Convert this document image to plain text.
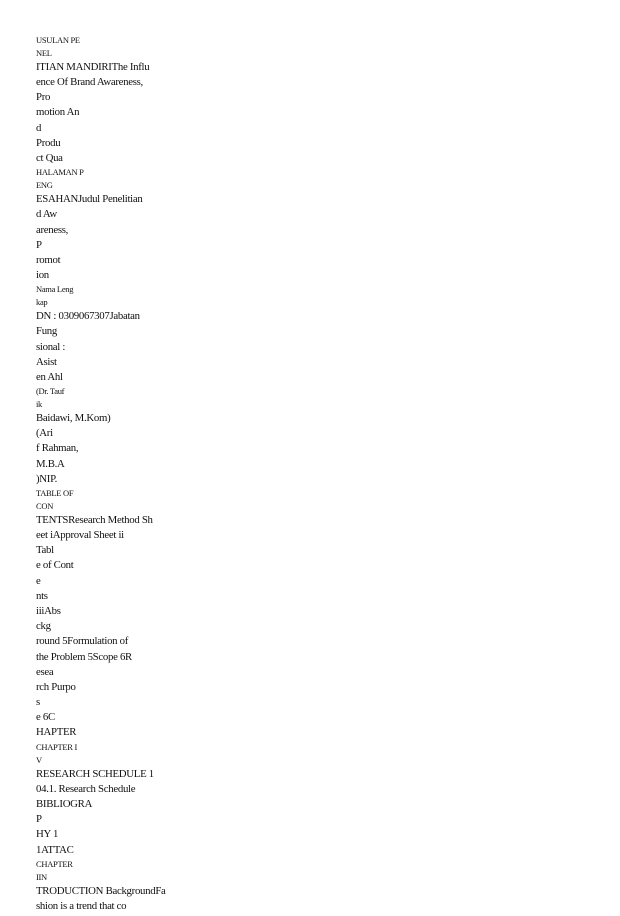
USULAN PE
NEL
ITIAN MANDIRIThe Influ
ence Of Brand Awareness,
Pro
motion An
d
Produ
ct Qua
HALAMAN P
ENG
ESAHANJudul Penelitian
d Aw
areness,
P
romot
ion
Nama Leng
kap
DN : 0309067307Jabatan
Fung
sional :
Asist
en Ahl
(Dr. Tauf
ik
Baidawi, M.Kom)
(Ari
f Rahman,
M.B.A
)NIP.
TABLE OF
CON
TENTSResearch Method Sh
eet iApproval Sheet ii
Tabl
e of Cont
e
nts
iiiAbs
ckg
round 5Formulation of
the Problem 5Scope 6R
esea
rch Purpo
s
e 6C
HAPTER
CHAPTER I
V
RESEARCH SCHEDULE 1
04.1. Research Schedule
BIBLIOGRA
P
HY 1
1ATTAC
CHAPTER
IIN
TRODUCTION BackgroundFa
shion is a trend that co
